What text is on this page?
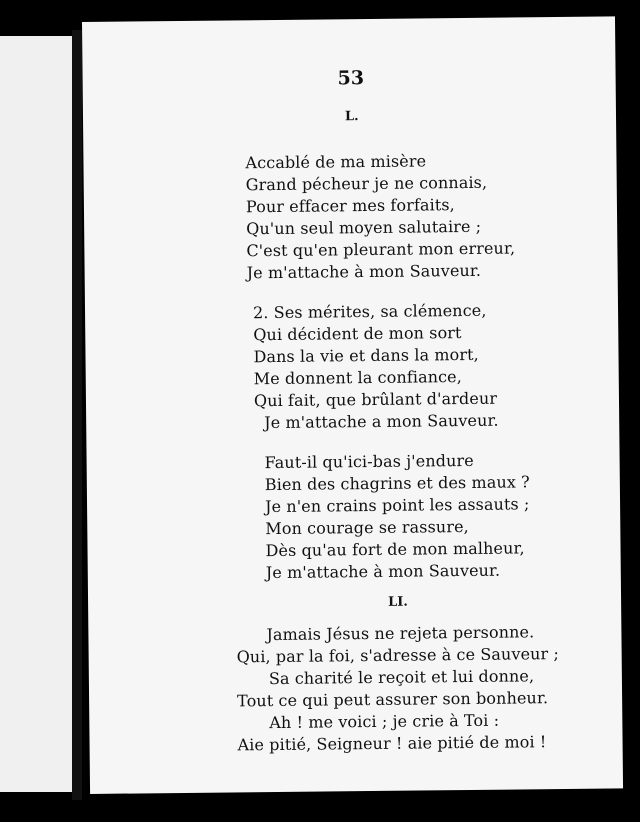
53
L.
Accablé de ma misère
Grand pécheur je ne connais,
Pour effacer mes forfaits,
Qu'un seul moyen salutaire ;
C'est qu'en pleurant mon erreur,
Je m'attache à mon Sauveur.
2. Ses mérites, sa clémence,
Qui décident de mon sort
Dans la vie et dans la mort,
Me donnent la confiance,
Qui fait, que brûlant d'ardeur
Je m'attache a mon Sauveur.
Faut-il qu'ici-bas j'endure
Bien des chagrins et des maux ?
Je n'en crains point les assauts ;
Mon courage se rassure,
Dès qu'au fort de mon malheur,
Je m'attache à mon Sauveur.
LI.
Jamais Jésus ne rejeta personne.
Qui, par la foi, s'adresse à ce Sauveur ;
Sa charité le reçoit et lui donne,
Tout ce qui peut assurer son bonheur.
Ah ! me voici ; je crie à Toi :
Aie pitié, Seigneur ! aie pitié de moi !
